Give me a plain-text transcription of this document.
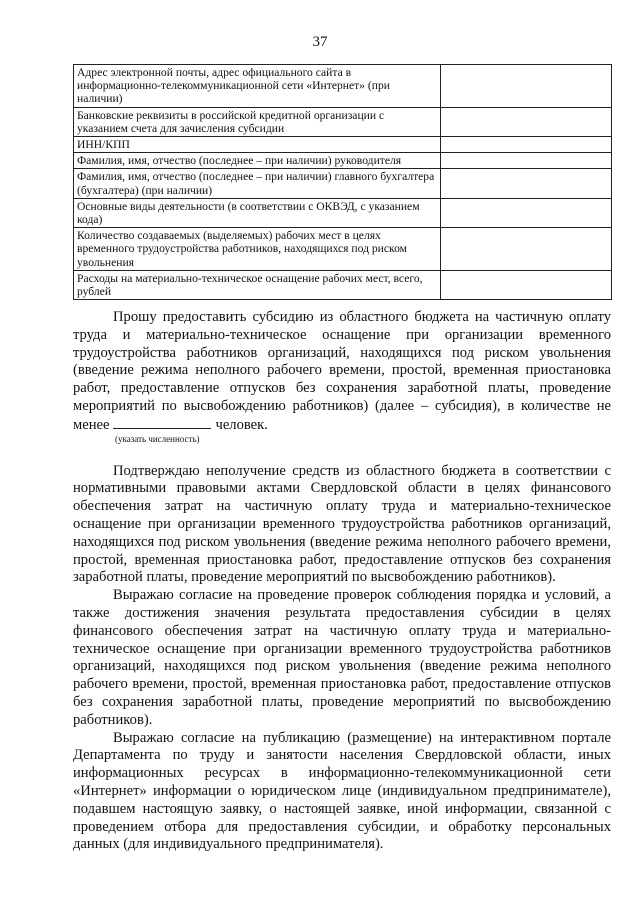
37
Адрес электронной почты, адрес официального сайта в информационно-телекоммуникационной сети «Интернет» (при наличии)	
Банковские реквизиты в российской кредитной организации с указанием счета для зачисления субсидии	
ИНН/КПП	
Фамилия, имя, отчество (последнее – при наличии) руководителя	
Фамилия, имя, отчество (последнее – при наличии) главного бухгалтера (бухгалтера) (при наличии)	
Основные виды деятельности (в соответствии с ОКВЭД, с указанием кода)	
Количество создаваемых (выделяемых) рабочих мест в целях временного трудоустройства работников, находящихся под риском увольнения	
Расходы на материально-техническое оснащение рабочих мест, всего, рублей	

Прошу предоставить субсидию из областного бюджета на частичную оплату труда и материально-техническое оснащение при организации временного трудоустройства работников организаций, находящихся под риском увольнения (введение режима неполного рабочего времени, простой, временная приостановка работ, предоставление отпусков без сохранения заработной платы, проведение мероприятий по высвобождению работников) (далее – субсидия), в количестве не менее	человек.

(указать численность)

Подтверждаю неполучение средств из областного бюджета в соответствии с нормативными правовыми актами Свердловской области в целях финансового обеспечения затрат на частичную оплату труда и материально-техническое оснащение при организации временного трудоустройства работников организаций, находящихся под риском увольнения (введение режима неполного рабочего времени, простой, временная приостановка работ, предоставление отпусков без сохранения заработной платы, проведение мероприятий по высвобождению работников).

Выражаю согласие на проведение проверок соблюдения порядка и условий, а также достижения значения результата предоставления субсидии в целях финансового обеспечения затрат на частичную оплату труда и материально-техническое оснащение при организации временного трудоустройства работников организаций, находящихся под риском увольнения (введение режима неполного рабочего времени, простой, временная приостановка работ, предоставление отпусков без сохранения заработной платы, проведение мероприятий по высвобождению работников).

Выражаю согласие на публикацию (размещение) на интерактивном портале Департамента по труду и занятости населения Свердловской области, иных информационных ресурсах в информационно-телекоммуникационной сети «Интернет» информации о юридическом лице (индивидуальном предпринимателе), подавшем настоящую заявку, о настоящей заявке, иной информации, связанной с проведением отбора для предоставления субсидии, и обработку персональных данных (для индивидуального предпринимателя).
